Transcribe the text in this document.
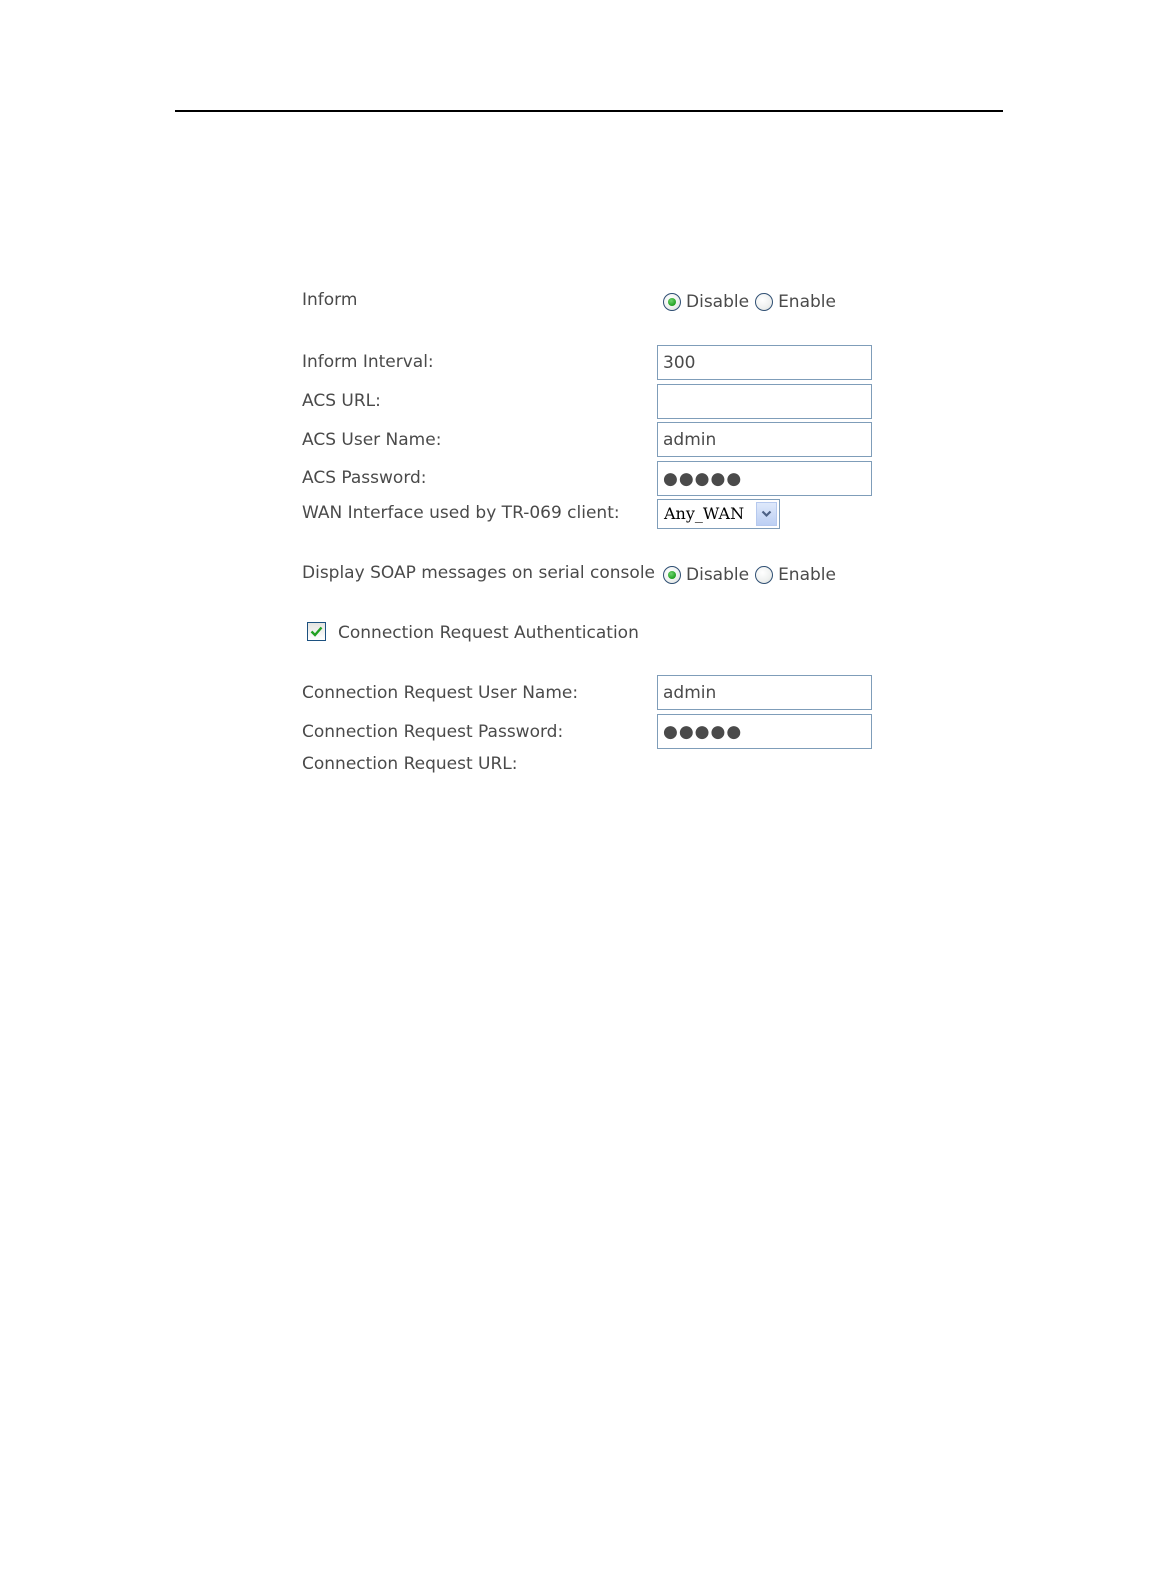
Inform	Disable Enable
Inform Interval:
300
ACS URL:
ACS User Name:
admin
ACS Password:
●●●●●
WAN Interface used by TR-069 client:	Any_WAN
Display SOAP messages on serial console Disable Enable
Connection Request Authentication
Connection Request User Name:
admin
Connection Request Password:
●●●●●
Connection Request URL:
